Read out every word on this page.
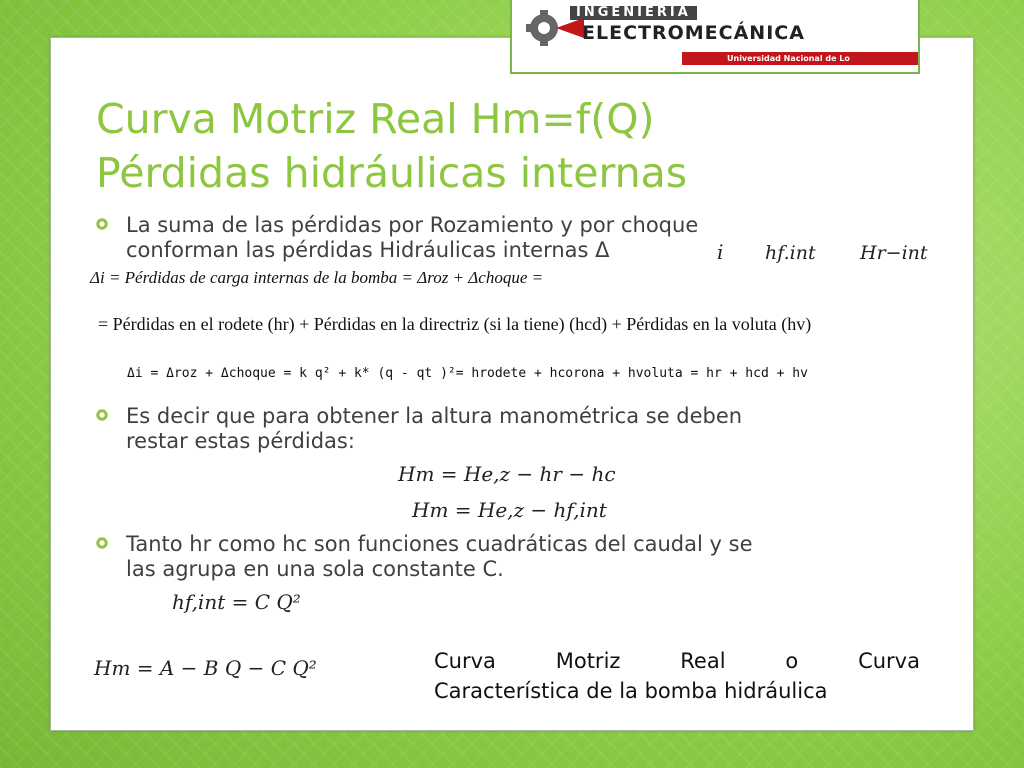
INGENIERIA
ELECTROMECÁNICA
Universidad Nacional de Lo
Curva Motriz Real Hm=f(Q)
Pérdidas hidráulicas internas
La suma de las pérdidas por Rozamiento y por choque
conforman las pérdidas Hidráulicas internas Δ	i hf.int Hr−int
Δi = Pérdidas de carga internas de la bomba = Δroz + Δchoque =
= Pérdidas en el rodete (hr) + Pérdidas en la directriz (si la tiene) (hcd) + Pérdidas en la voluta (hv)
Δi = Δroz + Δchoque = k q² + k* (q - qt )²= hrodete + hcorona + hvoluta = hr + hcd + hv
Es decir que para obtener la altura manométrica se deben
restar estas pérdidas:
Hm = He,z − hr − hc
Hm = He,z − hf,int
Tanto hr como hc son funciones cuadráticas del caudal y se
las agrupa en una sola constante C.
hf,int = C Q²
Hm = A − B Q − C Q²	Curva	Motriz	Real	o	Curva
Característica de la bomba hidráulica
